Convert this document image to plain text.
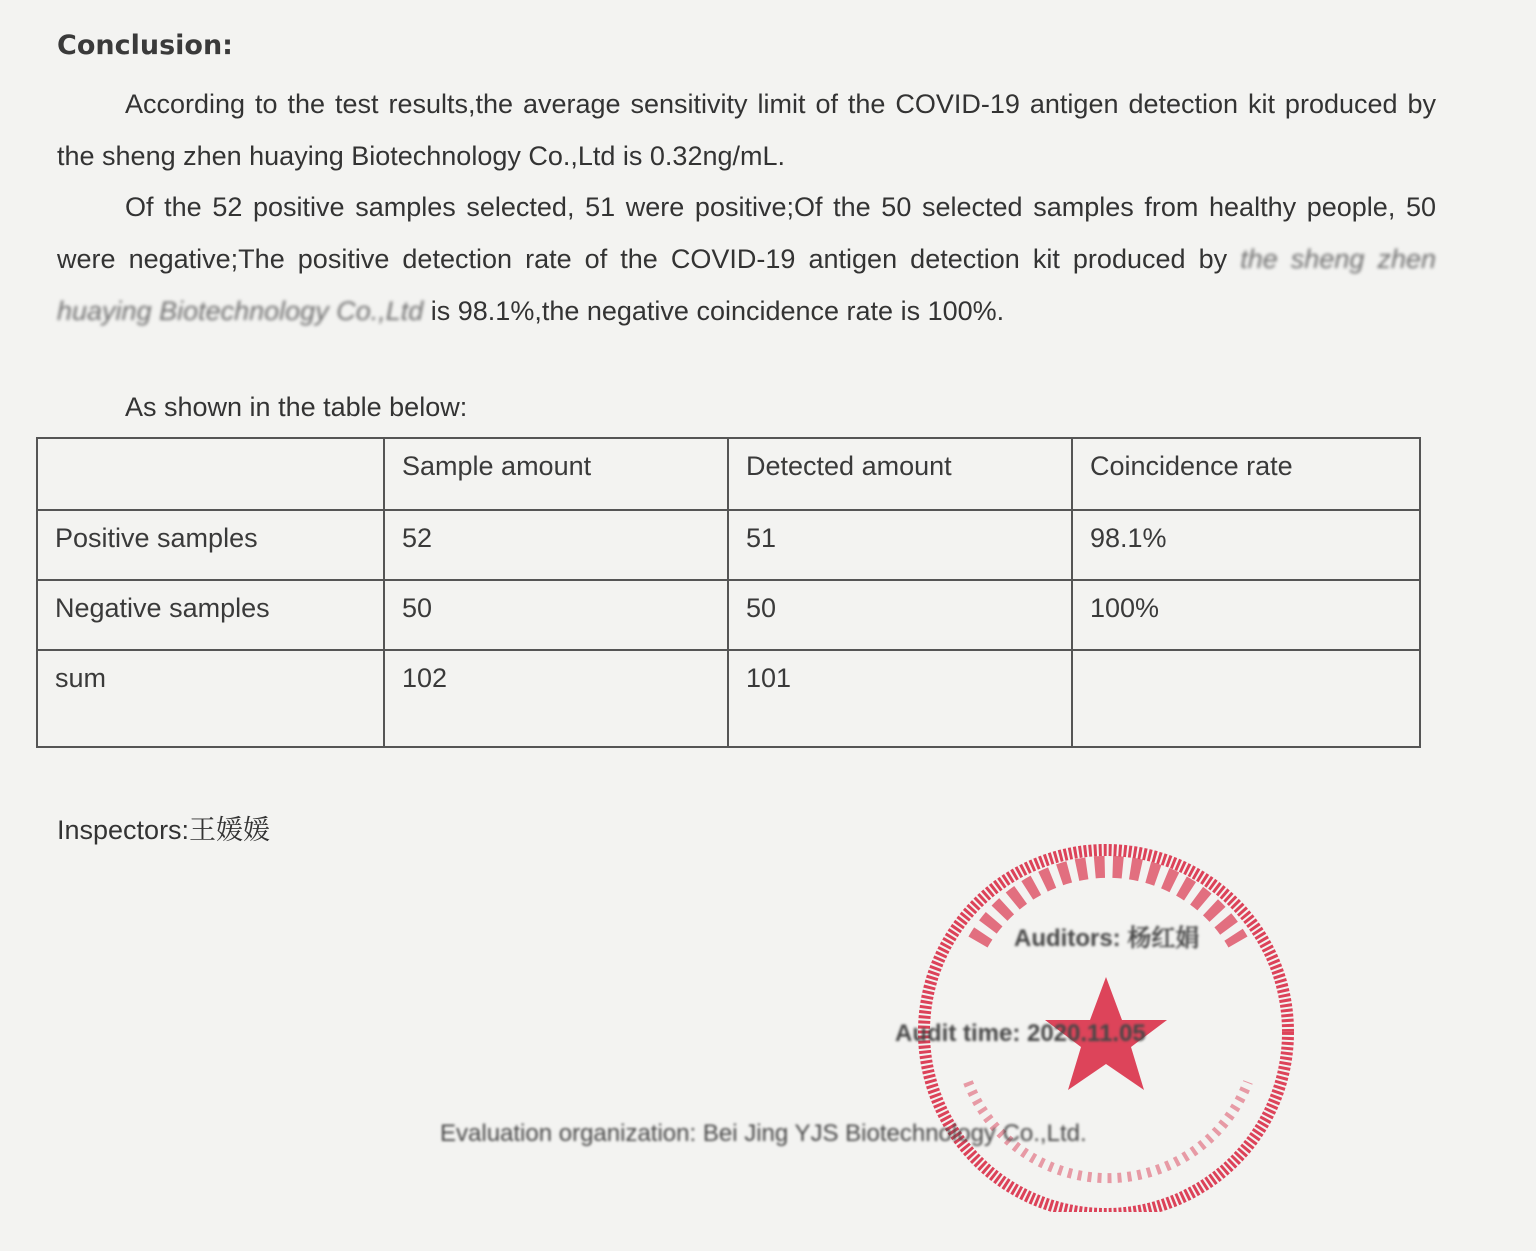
Conclusion:
According to the test results,the average sensitivity limit of the COVID-19 antigen detection kit produced by the sheng zhen huaying Biotechnology Co.,Ltd is 0.32ng/mL.
Of the 52 positive samples selected, 51 were positive;Of the 50 selected samples from healthy people, 50 were negative;The positive detection rate of the COVID-19 antigen detection kit produced by the sheng zhen huaying Biotechnology Co.,Ltd is 98.1%,the negative coincidence rate is 100%.
As shown in the table below:
	Sample amount	Detected amount	Coincidence rate
Positive samples	52	51	98.1%
Negative samples	50	50	100%
sum	102	101	
Inspectors:王媛媛
Auditors: 杨红娟
Audit time: 2020.11.05
Evaluation organization: Bei Jing YJS Biotechnology Co.,Ltd.
